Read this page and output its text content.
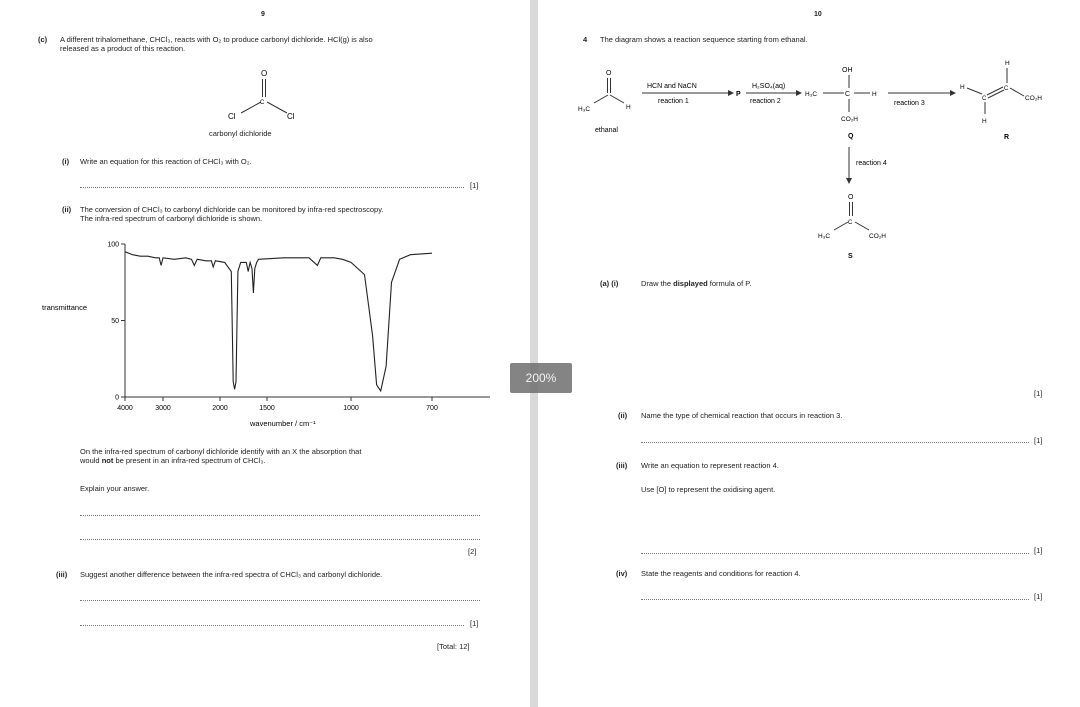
9
(c) A different trihalomethane, CHCl₃, reacts with O₂ to produce carbonyl dichloride. HCl(g) is also
released as a product of this reaction.
O
C
Cl	Cl
carbonyl dichloride
(i) Write an equation for this reaction of CHCl₃ with O₂.
[1]
(ii) The conversion of CHCl₃ to carbonyl dichloride can be monitored by infra-red spectroscopy.
The infra-red spectrum of carbonyl dichloride is shown.
100
50
0
4000	3000	2000	1500	1000	700
transmittance
wavenumber / cm⁻¹
On the infra-red spectrum of carbonyl dichloride identify with an X the absorption that
would not be present in an infra-red spectrum of CHCl₃.
Explain your answer.
[2]
(iii) Suggest another difference between the infra-red spectra of CHCl₃ and carbonyl dichloride.
[1]
[Total: 12]
10
4 The diagram shows a reaction sequence starting from ethanal.
O
H₃C	H
ethanal
HCN and NaCN
reaction 1
P
H₂SO₄(aq)
reaction 2
OH
H₃C	C	H
CO₂H
Q
reaction 3
H
C
H
C
H
CO₂H
R
reaction 4
O
C
H₃C	CO₂H
S
(a) (i)	Draw the displayed formula of P.
[1]
(ii) Name the type of chemical reaction that occurs in reaction 3.
[1]
(iii) Write an equation to represent reaction 4.
Use [O] to represent the oxidising agent.
[1]
(iv) State the reagents and conditions for reaction 4.
[1]
200%
